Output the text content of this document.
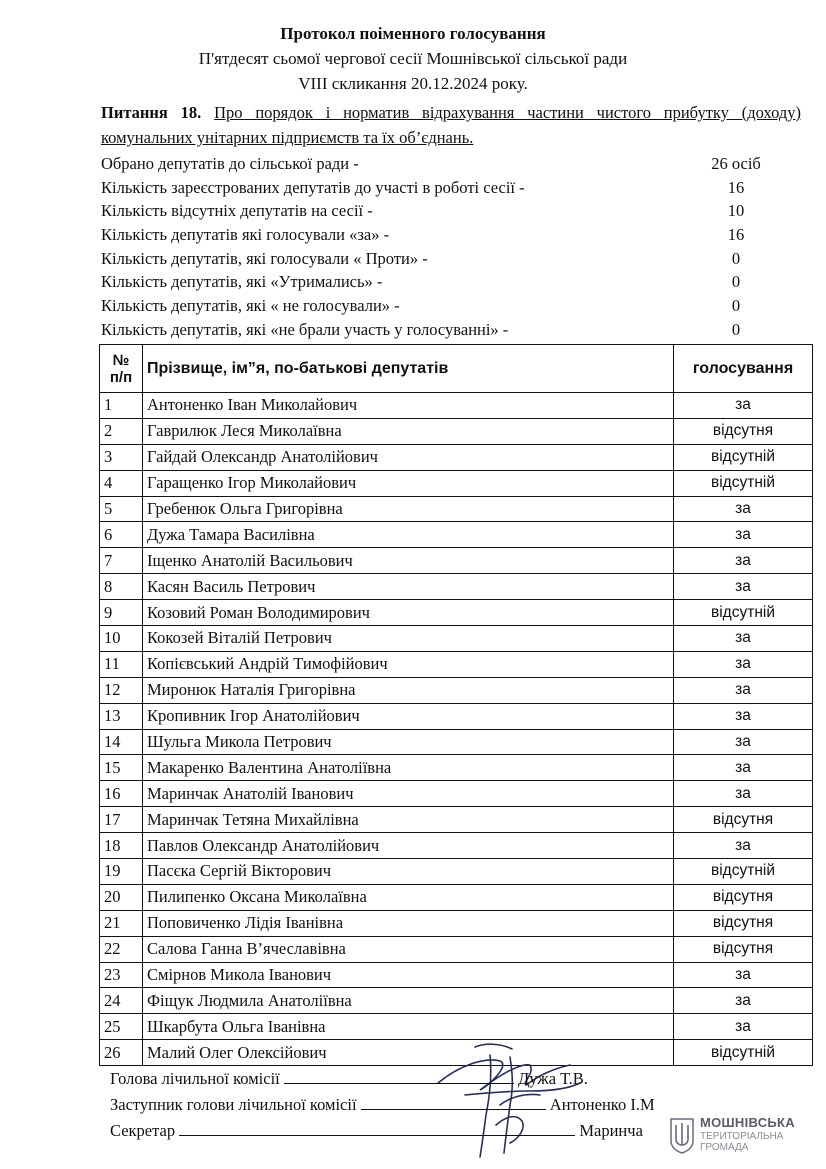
Протокол поіменного голосування
П'ятдесят сьомої чергової сесії Мошнівської сільської ради
VIII скликання 20.12.2024 року.
Питання 18. Про порядок і норматив відрахування частини чистого прибутку (доходу) комунальних унітарних підприємств та їх об’єднань.
Обрано депутатів до сільської ради -	26 осіб
Кількість зареєстрованих депутатів до участі в роботі сесії -	16
Кількість відсутніх депутатів на сесії -	10
Кількість депутатів які голосували «за» -	16
Кількість депутатів, які голосували « Проти» -	0
Кількість депутатів, які «Утримались» -	0
Кількість депутатів, які « не голосували» -	0
Кількість депутатів, які «не брали участь у голосуванні» -	0
№
п/п	Прізвище, ім”я, по-батькові депутатів	голосування
1	Антоненко Іван Миколайович	за
2	Гаврилюк Леся Миколаївна	відсутня
3	Гайдай Олександр Анатолійович	відсутній
4	Гаращенко Ігор Миколайович	відсутній
5	Гребенюк Ольга Григорівна	за
6	Дужа Тамара Василівна	за
7	Іщенко Анатолій Васильович	за
8	Касян Василь Петрович	за
9	Козовий Роман Володимирович	відсутній
10	Кокозей Віталій Петрович	за
11	Копієвський Андрій Тимофійович	за
12	Миронюк Наталія Григорівна	за
13	Кропивник Ігор Анатолійович	за
14	Шульга Микола Петрович	за
15	Макаренко Валентина Анатоліївна	за
16	Маринчак Анатолій Іванович	за
17	Маринчак Тетяна Михайлівна	відсутня
18	Павлов Олександр Анатолійович	за
19	Пасєка Сергій Вікторович	відсутній
20	Пилипенко Оксана Миколаївна	відсутня
21	Поповиченко Лідія Іванівна	відсутня
22	Салова Ганна В’ячеславівна	відсутня
23	Смірнов Микола Іванович	за
24	Фіщук Людмила Анатоліївна	за
25	Шкарбута Ольга Іванівна	за
26	Малий Олег Олексійович	відсутній
Голова лічильної комісії	Дужа Т.В.
Заступник голови лічильної комісії	Антоненко І.М
Секретар	Маринча	МОШНІВСЬКА
ТЕРИТОРІАЛЬНА
ГРОМАДА
